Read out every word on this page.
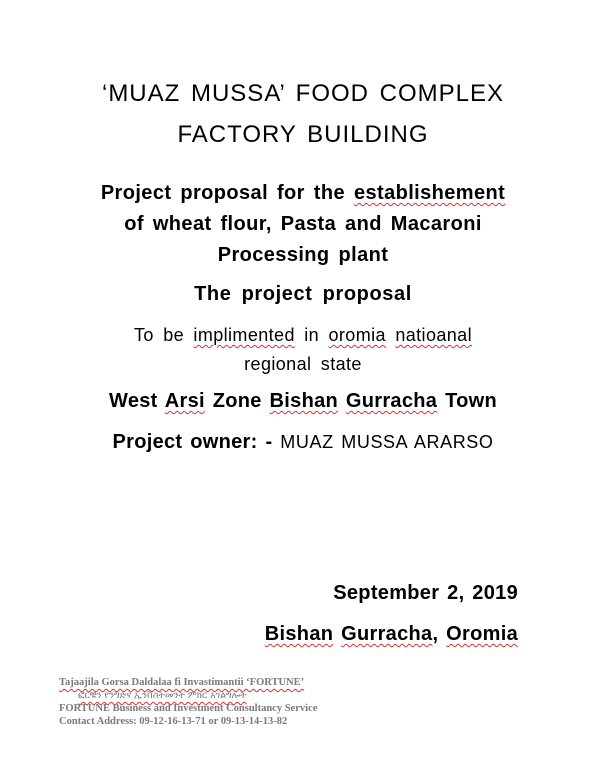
‘MUAZ MUSSA’ FOOD COMPLEX
FACTORY BUILDING
Project proposal for the establishement
of wheat flour, Pasta and Macaroni
Processing plant
The project proposal
To be implimented in oromia natioanal
regional state
West Arsi Zone Bishan Gurracha Town
Project owner: - MUAZ MUSSA ARARSO
September 2, 2019
Bishan Gurracha, Oromia
Tajaajila Gorsa Daldalaa fi Invastimantii ‘FORTUNE’
ፎርቹን የንግድና ኢንቨስትመንት ምክር አገልግሎት
FORTUNE Business and Investment Consultancy Service
Contact Address: 09-12-16-13-71 or 09-13-14-13-82
